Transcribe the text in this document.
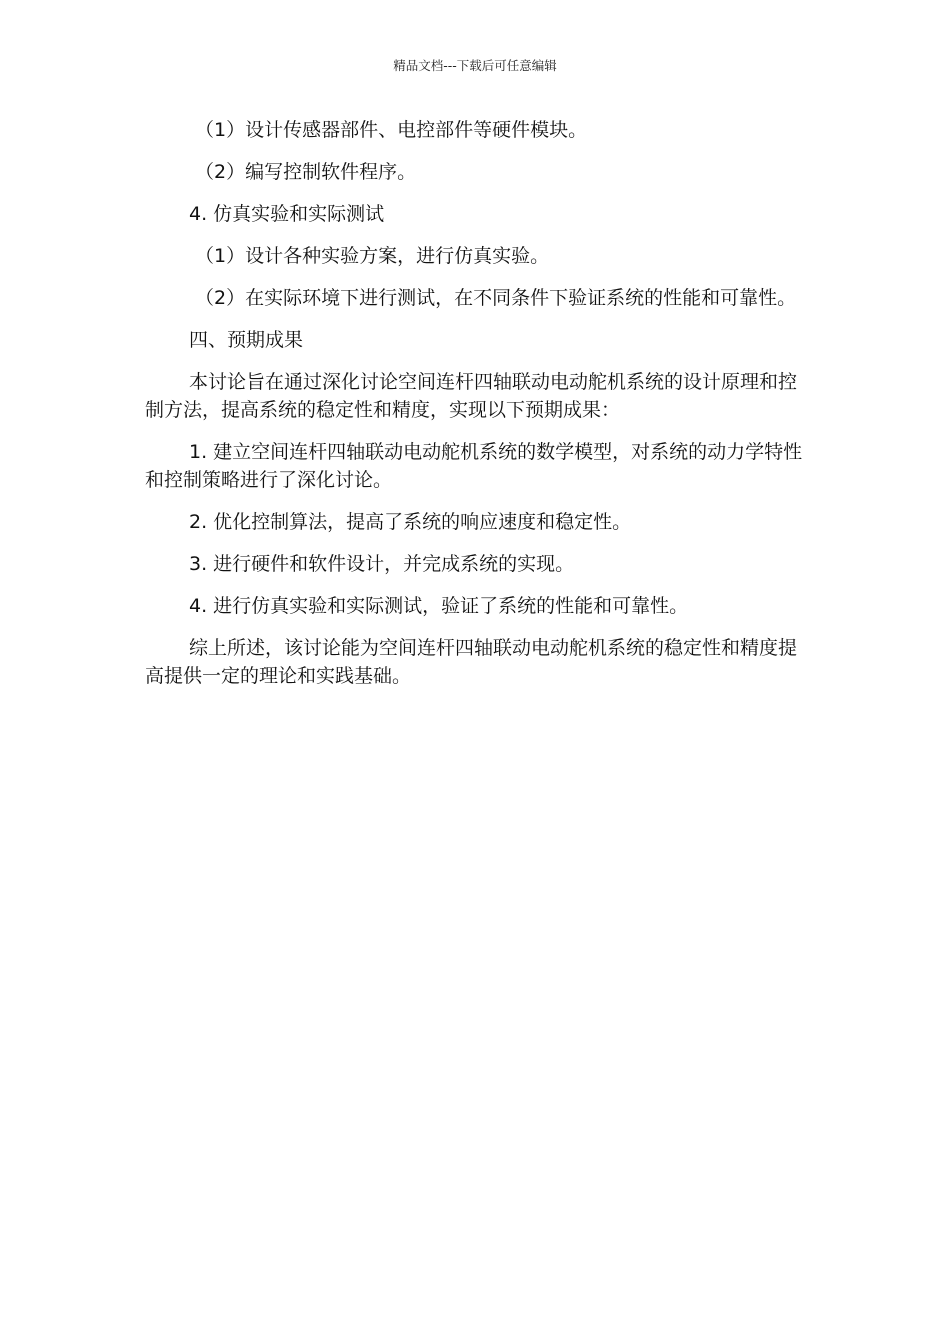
精品文档---下载后可任意编辑

（1）设计传感器部件、电控部件等硬件模块。

（2）编写控制软件程序。

4. 仿真实验和实际测试

（1）设计各种实验方案，进行仿真实验。

（2）在实际环境下进行测试，在不同条件下验证系统的性能和可靠性。

四、预期成果

本讨论旨在通过深化讨论空间连杆四轴联动电动舵机系统的设计原理和控制方法，提高系统的稳定性和精度，实现以下预期成果：

1. 建立空间连杆四轴联动电动舵机系统的数学模型，对系统的动力学特性和控制策略进行了深化讨论。

2. 优化控制算法，提高了系统的响应速度和稳定性。

3. 进行硬件和软件设计，并完成系统的实现。

4. 进行仿真实验和实际测试，验证了系统的性能和可靠性。

综上所述，该讨论能为空间连杆四轴联动电动舵机系统的稳定性和精度提高提供一定的理论和实践基础。
